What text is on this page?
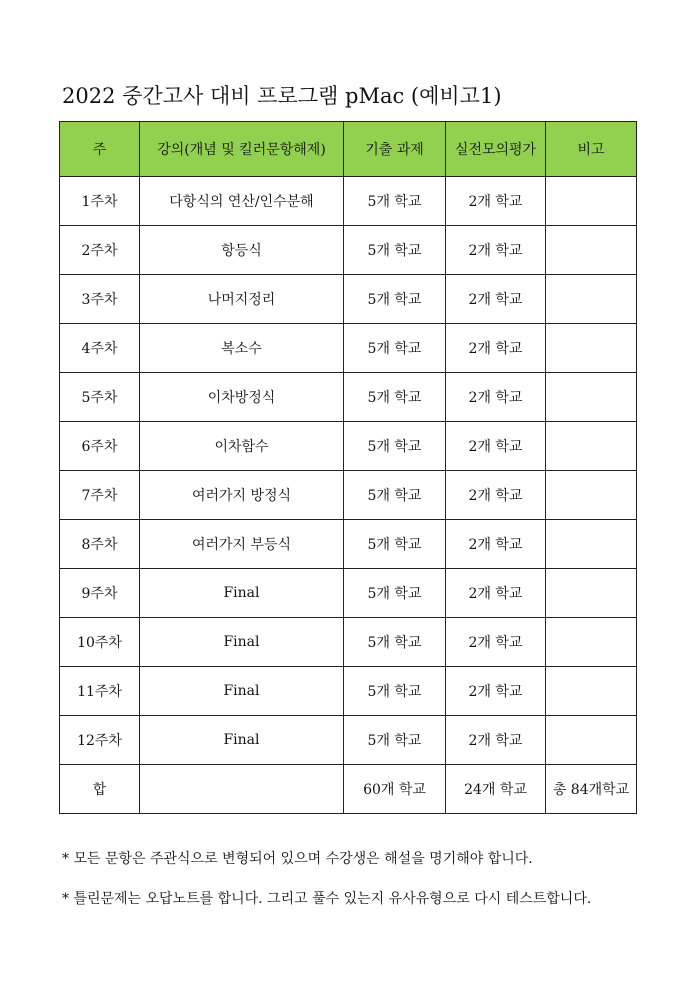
2022 중간고사 대비 프로그램 pMac (예비고1)
주	강의(개념 및 킬러문항해제)	기출 과제	실전모의평가	비고
1주차	다항식의 연산/인수분해	5개 학교	2개 학교	
2주차	항등식	5개 학교	2개 학교	
3주차	나머지정리	5개 학교	2개 학교	
4주차	복소수	5개 학교	2개 학교	
5주차	이차방정식	5개 학교	2개 학교	
6주차	이차함수	5개 학교	2개 학교	
7주차	여러가지 방정식	5개 학교	2개 학교	
8주차	여러가지 부등식	5개 학교	2개 학교	
9주차	Final	5개 학교	2개 학교	
10주차	Final	5개 학교	2개 학교	
11주차	Final	5개 학교	2개 학교	
12주차	Final	5개 학교	2개 학교	
합		60개 학교	24개 학교	총 84개학교
* 모든 문항은 주관식으로 변형되어 있으며 수강생은 해설을 명기해야 합니다.
* 틀린문제는 오답노트를 합니다. 그리고 풀수 있는지 유사유형으로 다시 테스트합니다.
